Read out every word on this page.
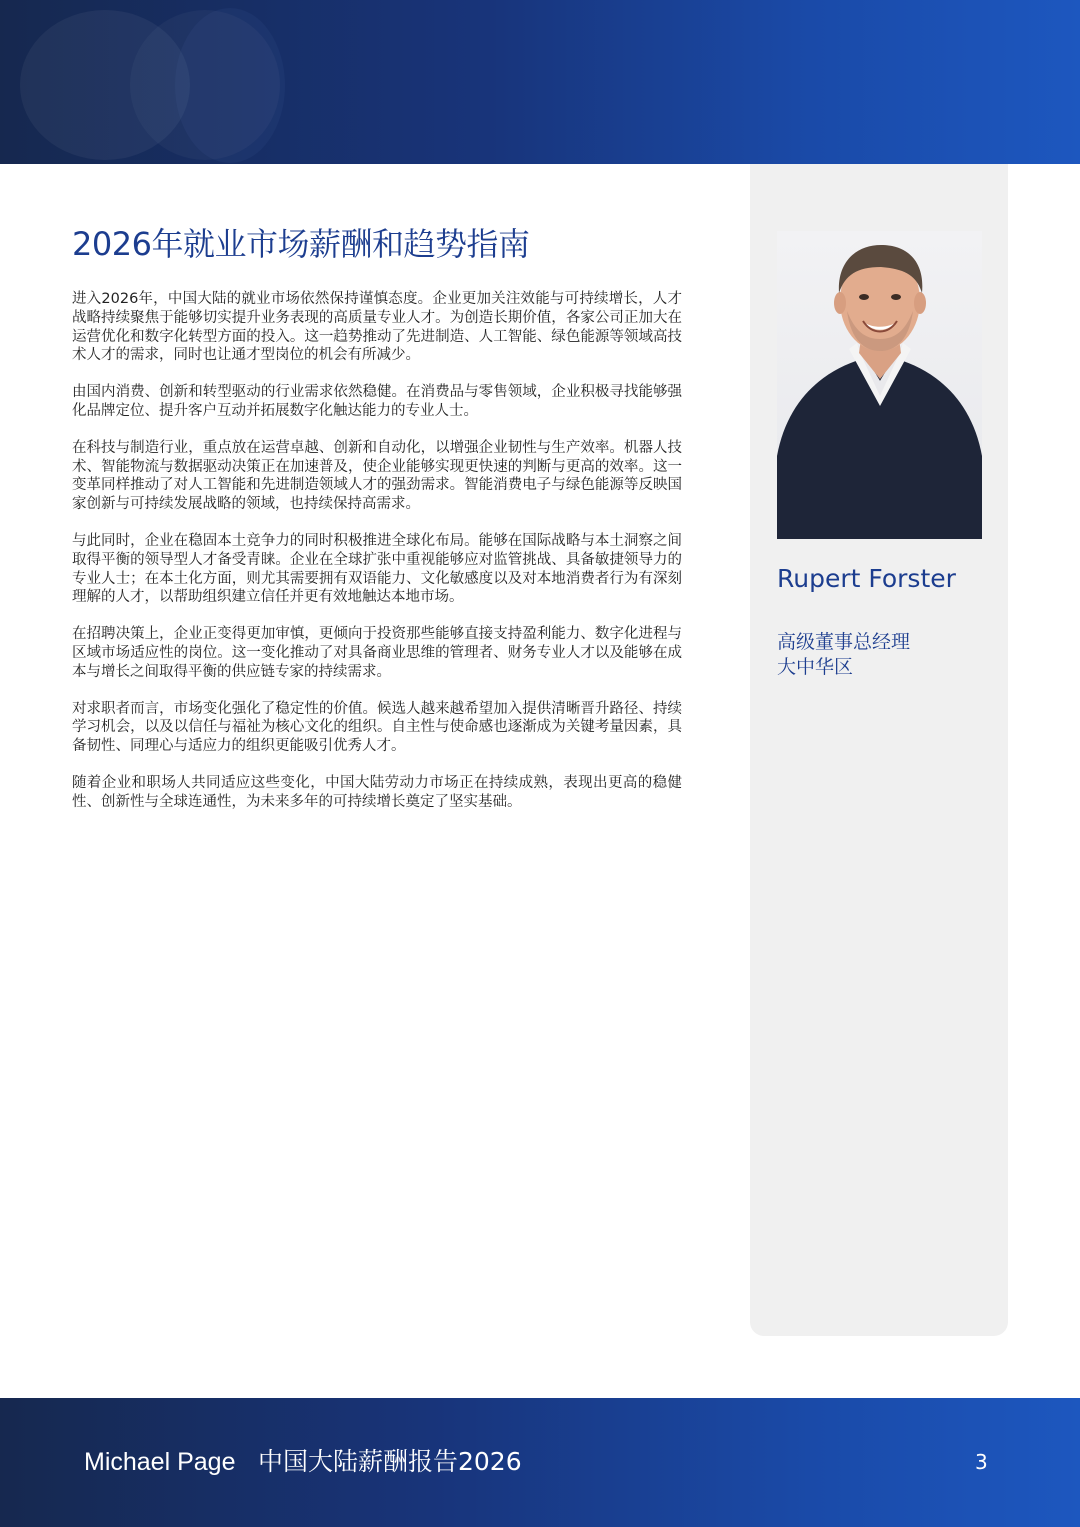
2026年就业市场薪酬和趋势指南

进入2026年，中国大陆的就业市场依然保持谨慎态度。企业更加关注效能与可持续增长，人才战略持续聚焦于能够切实提升业务表现的高质量专业人才。为创造长期价值，各家公司正加大在运营优化和数字化转型方面的投入。这一趋势推动了先进制造、人工智能、绿色能源等领域高技术人才的需求，同时也让通才型岗位的机会有所减少。

由国内消费、创新和转型驱动的行业需求依然稳健。在消费品与零售领域，企业积极寻找能够强化品牌定位、提升客户互动并拓展数字化触达能力的专业人士。

在科技与制造行业，重点放在运营卓越、创新和自动化，以增强企业韧性与生产效率。机器人技术、智能物流与数据驱动决策正在加速普及，使企业能够实现更快速的判断与更高的效率。这一变革同样推动了对人工智能和先进制造领域人才的强劲需求。智能消费电子与绿色能源等反映国家创新与可持续发展战略的领域，也持续保持高需求。

与此同时，企业在稳固本土竞争力的同时积极推进全球化布局。能够在国际战略与本土洞察之间取得平衡的领导型人才备受青睐。企业在全球扩张中重视能够应对监管挑战、具备敏捷领导力的专业人士；在本土化方面，则尤其需要拥有双语能力、文化敏感度以及对本地消费者行为有深刻理解的人才，以帮助组织建立信任并更有效地触达本地市场。

在招聘决策上，企业正变得更加审慎，更倾向于投资那些能够直接支持盈利能力、数字化进程与区域市场适应性的岗位。这一变化推动了对具备商业思维的管理者、财务专业人才以及能够在成本与增长之间取得平衡的供应链专家的持续需求。

对求职者而言，市场变化强化了稳定性的价值。候选人越来越希望加入提供清晰晋升路径、持续学习机会，以及以信任与福祉为核心文化的组织。自主性与使命感也逐渐成为关键考量因素，具备韧性、同理心与适应力的组织更能吸引优秀人才。

随着企业和职场人共同适应这些变化，中国大陆劳动力市场正在持续成熟，表现出更高的稳健性、创新性与全球连通性，为未来多年的可持续增长奠定了坚实基础。

Rupert Forster
高级董事总经理
大中华区
Michael Page 中国大陆薪酬报告2026	3
